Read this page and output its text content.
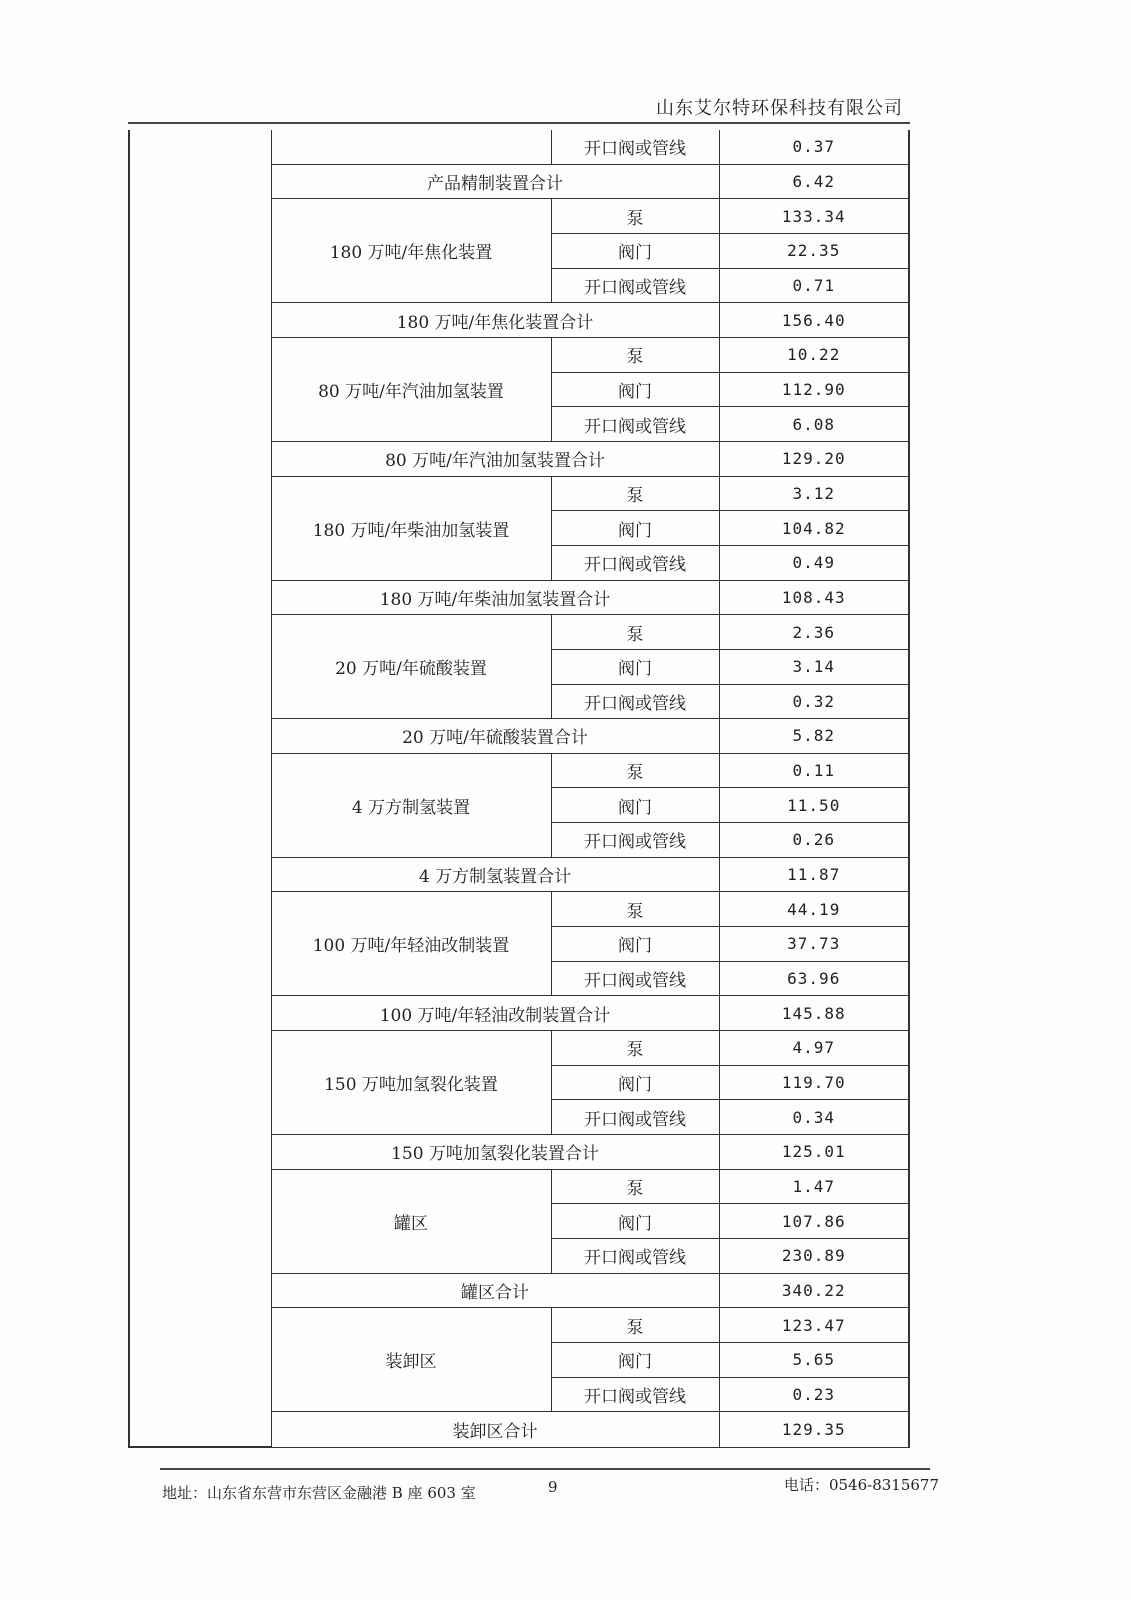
山东艾尔特环保科技有限公司
		开口阀或管线	0.37
	产品精制装置合计		6.42
	180 万吨/年焦化装置	泵	133.34
		阀门	22.35
		开口阀或管线	0.71
	180 万吨/年焦化装置合计		156.40
	80 万吨/年汽油加氢装置	泵	10.22
		阀门	112.90
		开口阀或管线	6.08
	80 万吨/年汽油加氢装置合计		129.20
	180 万吨/年柴油加氢装置	泵	3.12
		阀门	104.82
		开口阀或管线	0.49
	180 万吨/年柴油加氢装置合计		108.43
	20 万吨/年硫酸装置	泵	2.36
		阀门	3.14
		开口阀或管线	0.32
	20 万吨/年硫酸装置合计		5.82
	4 万方制氢装置	泵	0.11
		阀门	11.50
		开口阀或管线	0.26
	4 万方制氢装置合计		11.87
	100 万吨/年轻油改制装置	泵	44.19
		阀门	37.73
		开口阀或管线	63.96
	100 万吨/年轻油改制装置合计		145.88
	150 万吨加氢裂化装置	泵	4.97
		阀门	119.70
		开口阀或管线	0.34
	150 万吨加氢裂化装置合计		125.01
	罐区	泵	1.47
		阀门	107.86
		开口阀或管线	230.89
	罐区合计		340.22
	装卸区	泵	123.47
		阀门	5.65
		开口阀或管线	0.23
	装卸区合计		129.35
地址：山东省东营市东营区金融港 B 座 603 室	9	电话：0546-8315677
